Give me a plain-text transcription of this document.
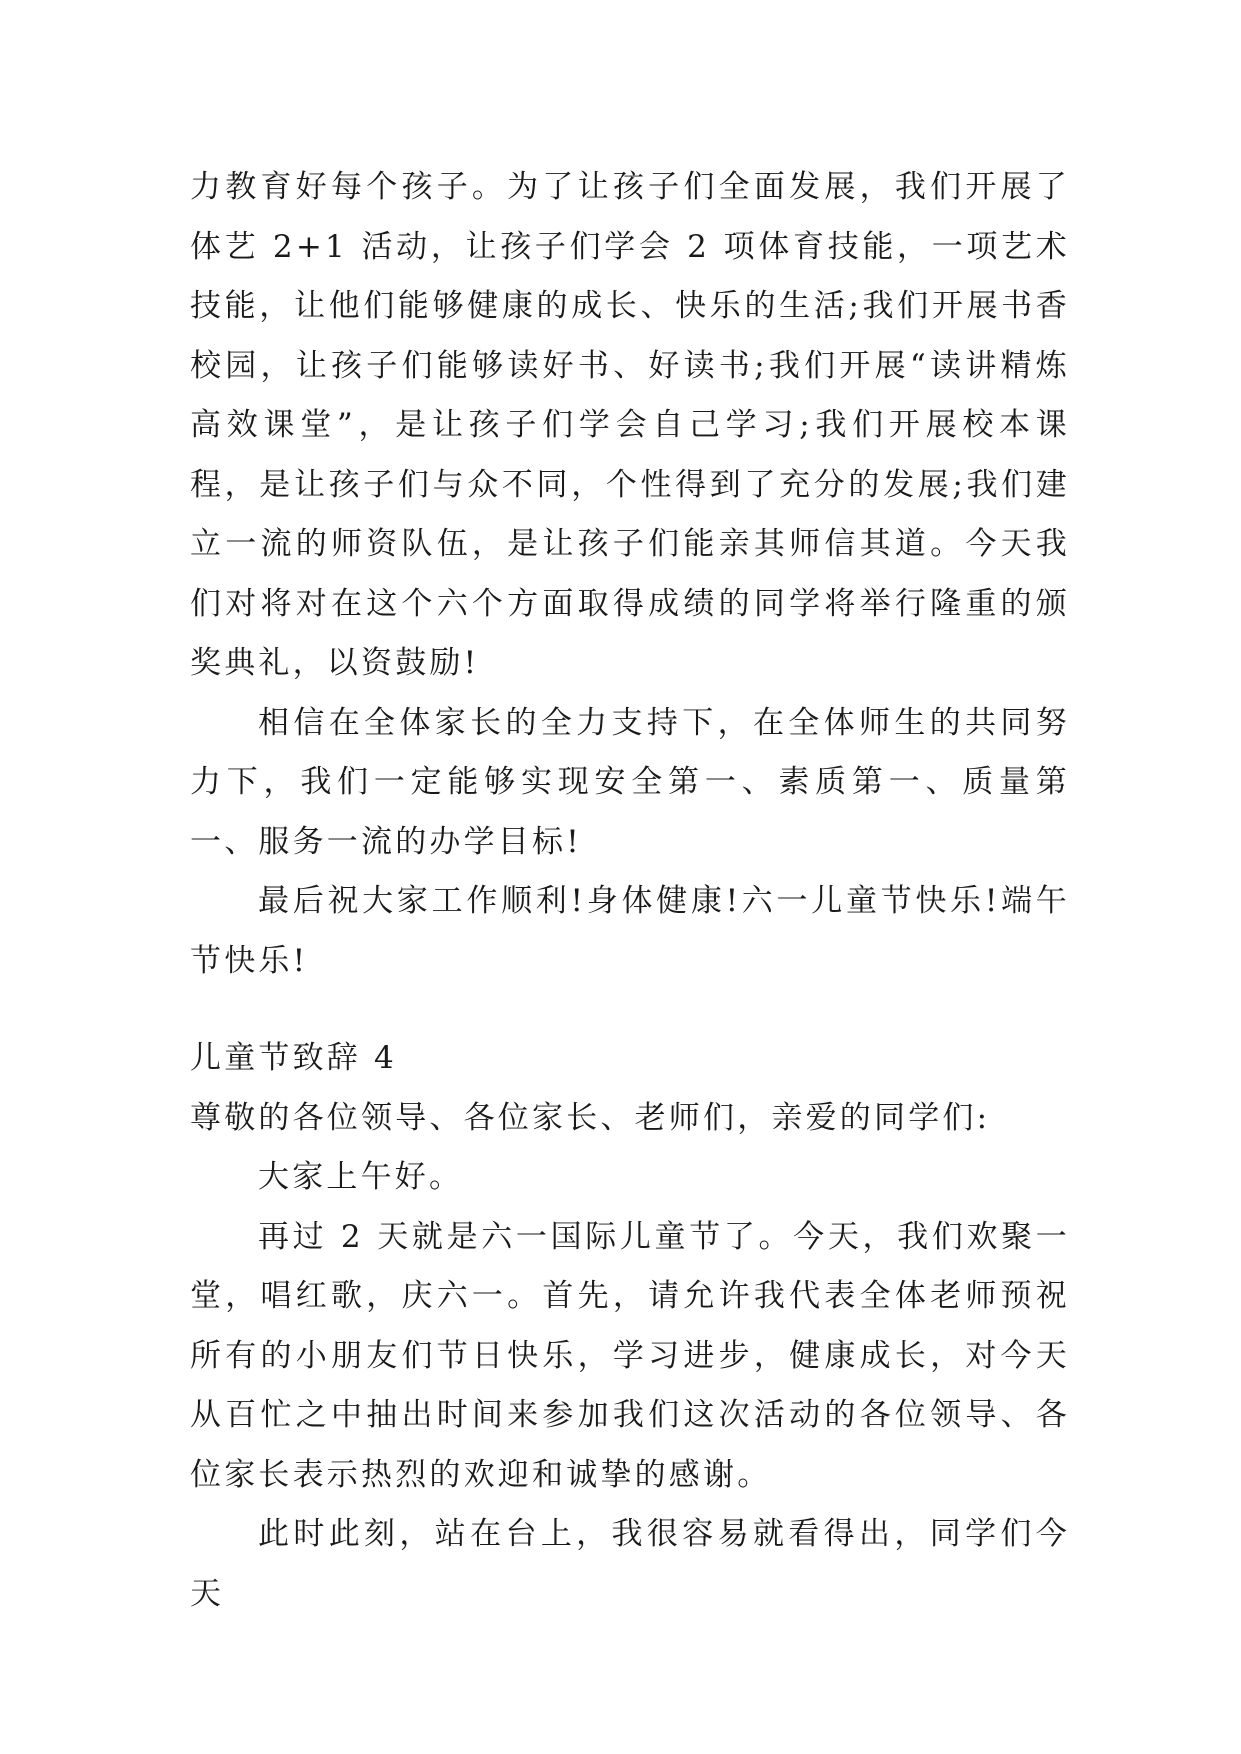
力教育好每个孩子。为了让孩子们全面发展，我们开展了体艺 2+1 活动，让孩子们学会 2 项体育技能，一项艺术技能，让他们能够健康的成长、快乐的生活;我们开展书香校园，让孩子们能够读好书、好读书;我们开展“读讲精炼高效课堂”，是让孩子们学会自己学习;我们开展校本课程，是让孩子们与众不同，个性得到了充分的发展;我们建立一流的师资队伍，是让孩子们能亲其师信其道。今天我们对将对在这个六个方面取得成绩的同学将举行隆重的颁奖典礼，以资鼓励!

相信在全体家长的全力支持下，在全体师生的共同努力下，我们一定能够实现安全第一、素质第一、质量第一、服务一流的办学目标!

最后祝大家工作顺利!身体健康!六一儿童节快乐!端午节快乐!

儿童节致辞 4

尊敬的各位领导、各位家长、老师们，亲爱的同学们:

大家上午好。

再过 2 天就是六一国际儿童节了。今天，我们欢聚一堂，唱红歌，庆六一。首先，请允许我代表全体老师预祝所有的小朋友们节日快乐，学习进步，健康成长，对今天从百忙之中抽出时间来参加我们这次活动的各位领导、各位家长表示热烈的欢迎和诚挚的感谢。

此时此刻，站在台上，我很容易就看得出，同学们今天
